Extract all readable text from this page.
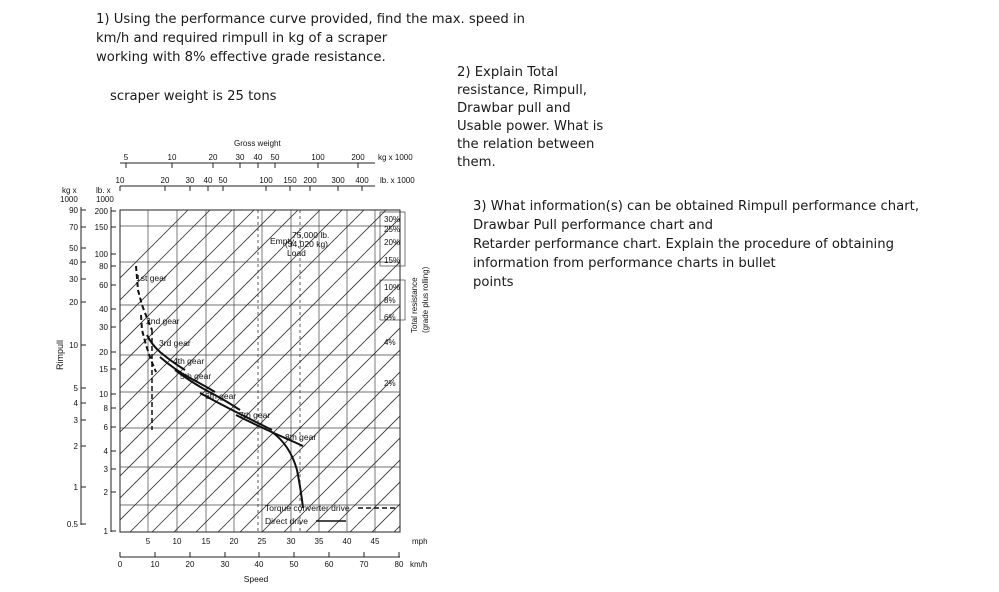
1) Using the performance curve provided, find the max. speed in

km/h and required rimpull in kg of a scraper

working with 8% effective grade resistance.

scraper weight is 25 tons

2) Explain Total

resistance, Rimpull,

Drawbar pull and

Usable power. What is

the relation between

them.

3) What information(s) can be obtained Rimpull performance chart,

Drawbar Pull performance chart and

Retarder performance chart. Explain the procedure of obtaining

information from performance charts in bullet

points

1st gear
2nd gear
3rd gear
4th gear
5th gear
6th gear
7th gear
8th gear
Torque converter drive
Direct drive
Empty
75,000 lb.
(34,020 kg)
Load
Gross weight
5	10	20 30 40 50	100	200 kg x 1000
10	20 30 40 50	100 150 200 300 400 lb. x 1000
kg x
1000
90
70
50
40
30
20
10
5
4
3
2
1
0.5
lb. x
1000
200
150
100
80
60
40
30
20
15
10
8
6
4
3
2
1
Rimpull
30%
25%
20%
15%
10%
8%
6%
4%
2%
Total resistance (grade plus rolling)
5	10	15 20 25	30 35 40 45	mph
0	10	20	30	40	50	60	70	80 km/h
Speed
